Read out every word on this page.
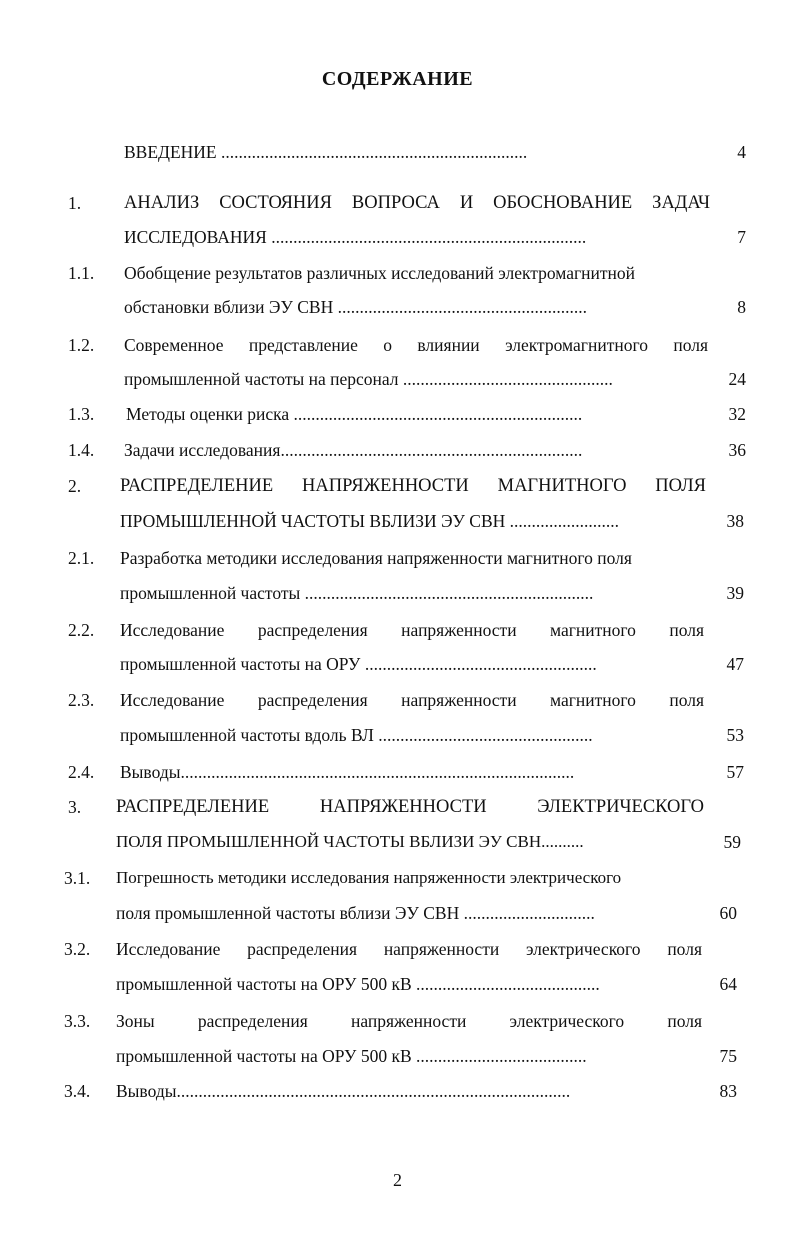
СОДЕРЖАНИЕ
ВВЕДЕНИЕ ......................................................................	4
1. АНАЛИЗ СОСТОЯНИЯ ВОПРОСА И ОБОСНОВАНИЕ ЗАДАЧ
ИССЛЕДОВАНИЯ ........................................................................	7
1.1. Обобщение результатов различных исследований электромагнитной
обстановки вблизи ЭУ СВН .........................................................	8
1.2. Современное представление о влиянии электромагнитного поля
промышленной частоты на персонал ................................................	24
1.3. Методы оценки риска ..................................................................	32
1.4. Задачи исследования.....................................................................	36
2. РАСПРЕДЕЛЕНИЕ НАПРЯЖЕННОСТИ МАГНИТНОГО ПОЛЯ
ПРОМЫШЛЕННОЙ ЧАСТОТЫ ВБЛИЗИ ЭУ СВН .........................	38
2.1. Разработка методики исследования напряженности магнитного поля
промышленной частоты ..................................................................	39
2.2. Исследование распределения напряженности магнитного поля
промышленной частоты на ОРУ .....................................................	47
2.3. Исследование распределения напряженности магнитного поля
промышленной частоты вдоль ВЛ .................................................	53
2.4. Выводы..........................................................................................	57
3. РАСПРЕДЕЛЕНИЕ НАПРЯЖЕННОСТИ ЭЛЕКТРИЧЕСКОГО
ПОЛЯ ПРОМЫШЛЕННОЙ ЧАСТОТЫ ВБЛИЗИ ЭУ СВН..........	59
3.1. Погрешность методики исследования напряженности электрического
поля промышленной частоты вблизи ЭУ СВН ..............................	60
3.2. Исследование распределения напряженности электрического поля
промышленной частоты на ОРУ 500 кВ ..........................................	64
3.3. Зоны распределения напряженности электрического поля
промышленной частоты на ОРУ 500 кВ .......................................	75
3.4. Выводы..........................................................................................	83
2
